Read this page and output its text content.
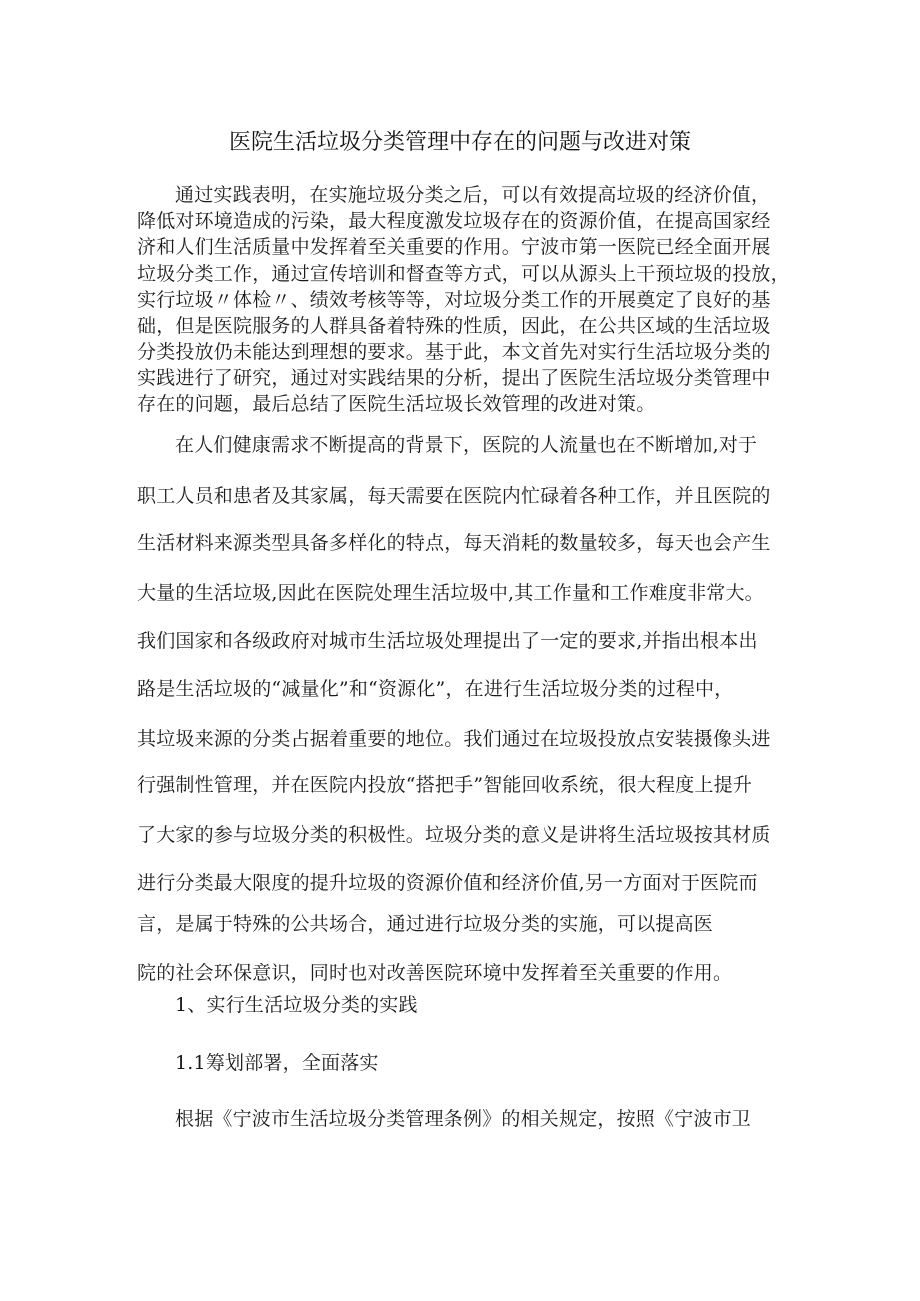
医院生活垃圾分类管理中存在的问题与改进对策
通过实践表明，在实施垃圾分类之后，可以有效提高垃圾的经济价值，
降低对环境造成的污染，最大程度激发垃圾存在的资源价值，在提高国家经
济和人们生活质量中发挥着至关重要的作用。宁波市第一医院已经全面开展
垃圾分类工作，通过宣传培训和督查等方式，可以从源头上干预垃圾的投放，
实行垃圾〃体检〃、绩效考核等等，对垃圾分类工作的开展奠定了良好的基
础，但是医院服务的人群具备着特殊的性质，因此，在公共区域的生活垃圾
分类投放仍未能达到理想的要求。基于此，本文首先对实行生活垃圾分类的
实践进行了研究，通过对实践结果的分析，提出了医院生活垃圾分类管理中
存在的问题，最后总结了医院生活垃圾长效管理的改进对策。
在人们健康需求不断提高的背景下，医院的人流量也在不断增加,对于
职工人员和患者及其家属，每天需要在医院内忙碌着各种工作，并且医院的
生活材料来源类型具备多样化的特点，每天消耗的数量较多，每天也会产生
大量的生活垃圾,因此在医院处理生活垃圾中,其工作量和工作难度非常大。
我们国家和各级政府对城市生活垃圾处理提出了一定的要求,并指出根本出
路是生活垃圾的“减量化”和“资源化”，在进行生活垃圾分类的过程中，
其垃圾来源的分类占据着重要的地位。我们通过在垃圾投放点安装摄像头进
行强制性管理，并在医院内投放“搭把手”智能回收系统，很大程度上提升
了大家的参与垃圾分类的积极性。垃圾分类的意义是讲将生活垃圾按其材质
进行分类最大限度的提升垃圾的资源价值和经济价值,另一方面对于医院而
言，是属于特殊的公共场合，通过进行垃圾分类的实施，可以提高医
院的社会环保意识，同时也对改善医院环境中发挥着至关重要的作用。
1、实行生活垃圾分类的实践
1.1筹划部署，全面落实
根据《宁波市生活垃圾分类管理条例》的相关规定，按照《宁波市卫
